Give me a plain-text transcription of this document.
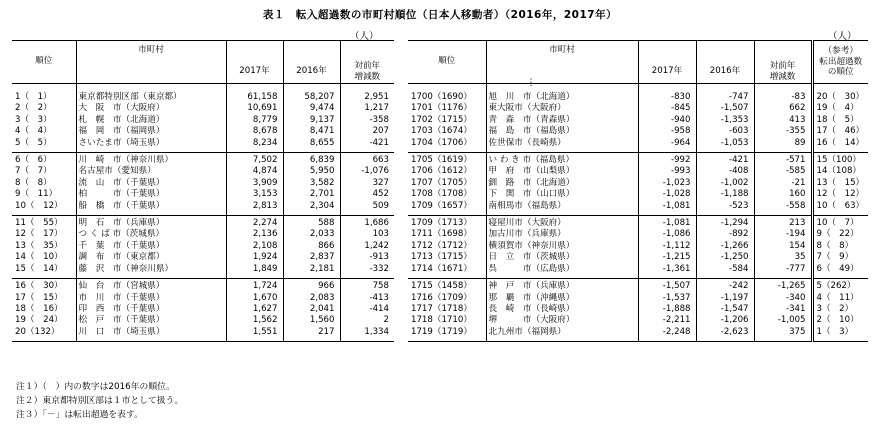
表１　転入超過数の市町村順位（日本人移動者）（2016年，2017年）
（人）	（人）
順位	市町村			
		2017年	2016年	対前年
増減数

1（　1）	東京都特別区部（東京都）	61,158	58,207	2,951
2（　2）	大　阪　市（大阪府）	10,691	9,474	1,217
3（　3）	札　幌　市（北海道）	8,779	9,137	-358
4（　4）	福　岡　市（福岡県）	8,678	8,471	207
5（　5）	さいたま市（埼玉県）	8,234	8,655	-421
6（　6）	川　崎　市（神奈川県）	7,502	6,839	663
7（　7）	名古屋市（愛知県）	4,874	5,950	-1,076
8（　8）	流　山　市（千葉県）	3,909	3,582	327
9（　11）	柏　　　市（千葉県）	3,153	2,701	452
10（　12）	船　橋　市（千葉県）	2,813	2,304	509
11（　55）	明　石　市（兵庫県）	2,274	588	1,686
12（　17）	つ く ば 市（茨城県）	2,136	2,033	103
13（　35）	千　葉　市（千葉県）	2,108	866	1,242
14（　10）	調　布　市（東京都）	1,924	2,837	-913
15（　14）	藤　沢　市（神奈川県）	1,849	2,181	-332
16（　30）	仙　台　市（宮城県）	1,724	966	758
17（　15）	市　川　市（千葉県）	1,670	2,083	-413
18（　16）	印　西　市（千葉県）	1,627	2,041	-414
19（　24）	松　戸　市（千葉県）	1,562	1,560	2
20（132）	川　口　市（埼玉県）	1,551	217	1,334
順位	市町村				（参考）
転出超過数
の順位
		2017年	2016年	対前年
増減数	

	⋮				

1700（1690）	旭　川　市（北海道）	-830	-747	-83	20（　30）
1701（1176）	東大阪市（大阪府）	-845	-1,507	662	19（　4）
1702（1715）	青　森　市（青森県）	-940	-1,353	413	18（　5）
1703（1674）	福　島　市（福島県）	-958	-603	-355	17（　46）
1704（1706）	佐世保市（長崎県）	-964	-1,053	89	16（　14）
1705（1619）	い わ き 市（福島県）	-992	-421	-571	15（100）
1706（1612）	甲　府　市（山梨県）	-993	-408	-585	14（108）
1707（1705）	釧　路　市（北海道）	-1,023	-1,002	-21	13（　15）
1708（1708）	下　関　市（山口県）	-1,028	-1,188	160	12（　12）
1709（1657）	南相馬市（福島県）	-1,081	-523	-558	10（　63）
1709（1713）	寝屋川市（大阪府）	-1,081	-1,294	213	10（　7）
1711（1698）	加古川市（兵庫県）	-1,086	-892	-194	9（　22）
1712（1712）	横須賀市（神奈川県）	-1,112	-1,266	154	8（　8）
1713（1715）	日　立　市（茨城県）	-1,215	-1,250	35	7（　9）
1714（1671）	呉　　　市（広島県）	-1,361	-584	-777	6（　49）
1715（1458）	神　戸　市（兵庫県）	-1,507	-242	-1,265	5（262）
1716（1709）	那　覇　市（沖縄県）	-1,537	-1,197	-340	4（　11）
1717（1718）	長　崎　市（長崎県）	-1,888	-1,547	-341	3（　2）
1718（1710）	堺　　　市（大阪府）	-2,211	-1,206	-1,005	2（　10）
1719（1719）	北九州市（福岡県）	-2,248	-2,623	375	1（　3）
注１）（　）内の数字は2016年の順位。
注２）東京都特別区部は１市として扱う。
注３）「－」は転出超過を表す。
